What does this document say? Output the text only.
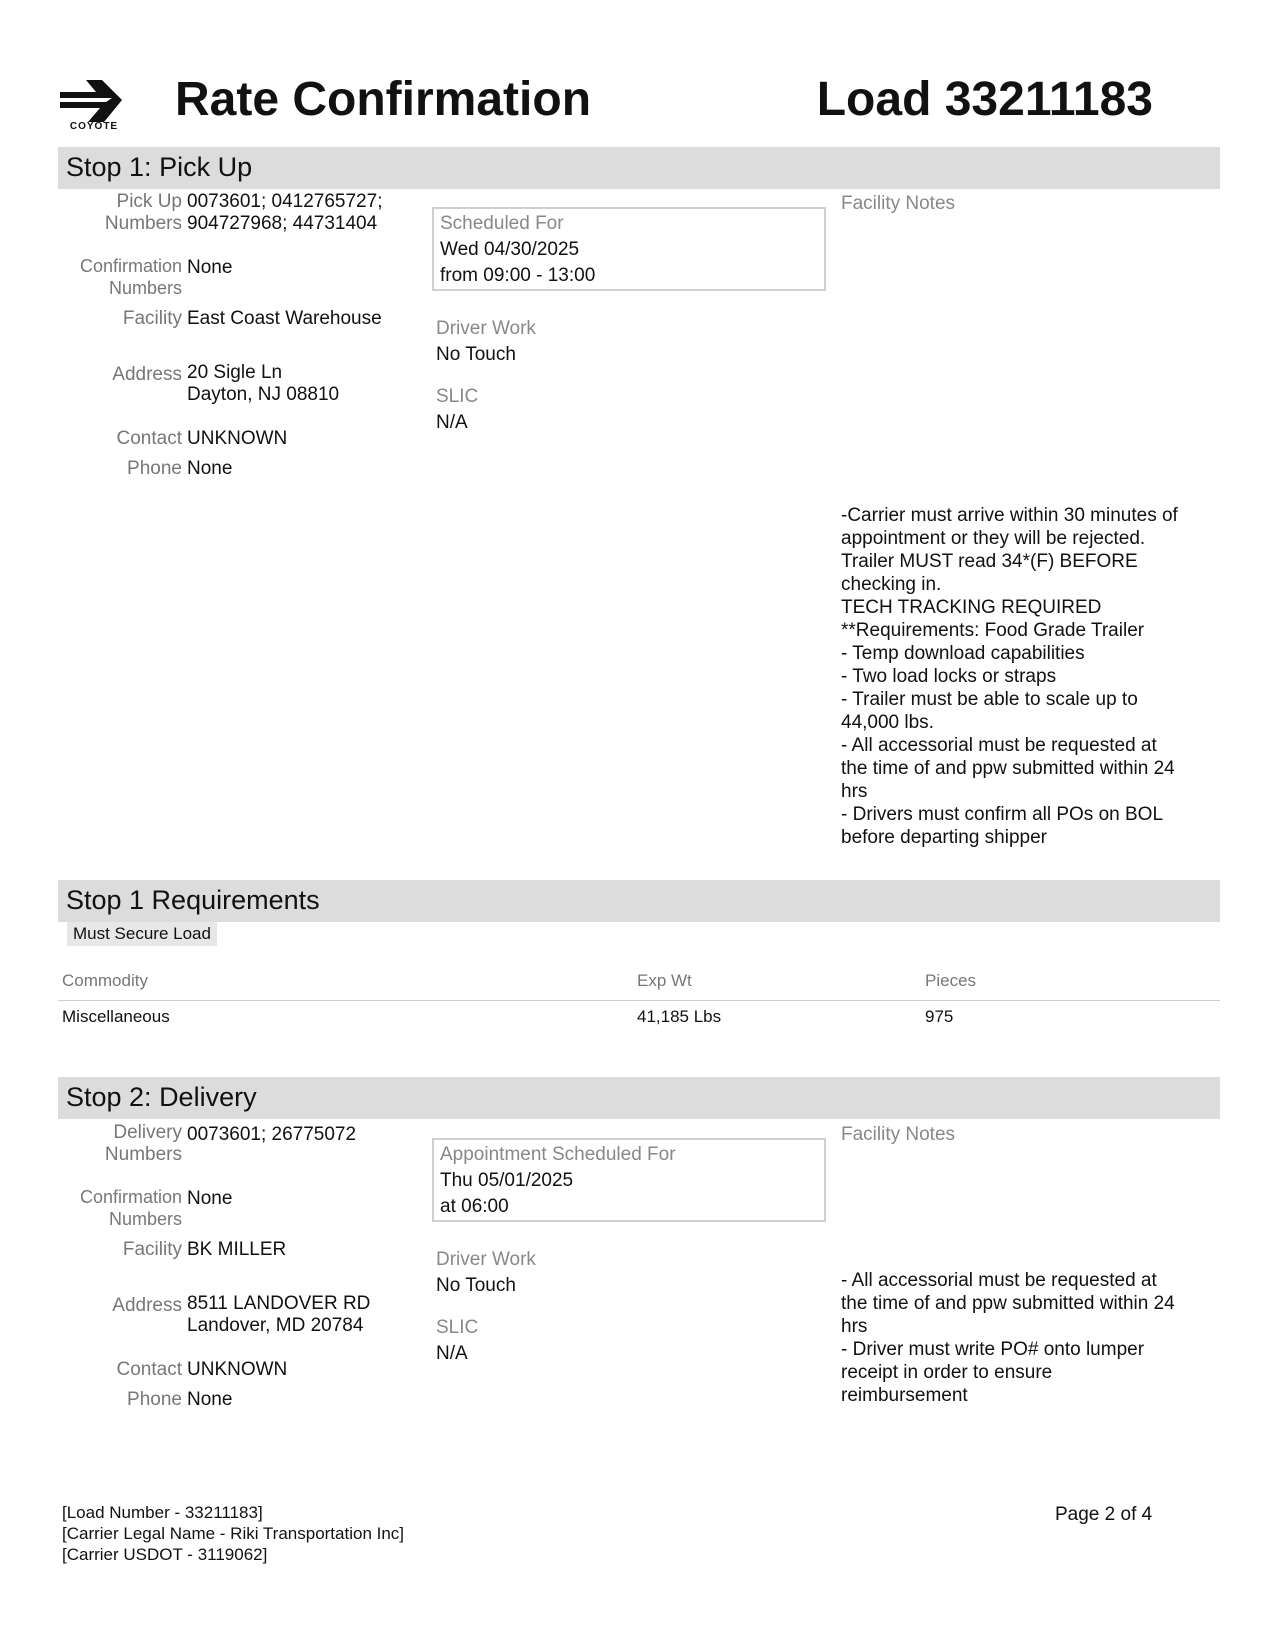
COYOTE
Rate Confirmation	Load 33211183
Stop 1: Pick Up
Pick Up
Numbers
0073601; 0412765727;
904727968; 44731404
Confirmation
Numbers
None
Facility East Coast Warehouse
Address 20 Sigle Ln
Dayton, NJ 08810
Contact UNKNOWN
Phone None
Scheduled For
Wed 04/30/2025
from 09:00 - 13:00
Driver Work
No Touch
SLIC
N/A
Facility Notes
-Carrier must arrive within 30 minutes of
appointment or they will be rejected.
Trailer MUST read 34*(F) BEFORE
checking in.
TECH TRACKING REQUIRED
**Requirements: Food Grade Trailer
- Temp download capabilities
- Two load locks or straps
- Trailer must be able to scale up to
44,000 lbs.
- All accessorial must be requested at
the time of and ppw submitted within 24
hrs
- Drivers must confirm all POs on BOL
before departing shipper
Stop 1 Requirements
Must Secure Load
Commodity	Exp Wt	Pieces
Miscellaneous	41,185 Lbs	975
Stop 2: Delivery
Delivery
Numbers
0073601; 26775072
Confirmation
Numbers
None
Facility BK MILLER
Address 8511 LANDOVER RD
Landover, MD 20784
Contact UNKNOWN
Phone None
Appointment Scheduled For
Thu 05/01/2025
at 06:00
Driver Work
No Touch
SLIC
N/A
Facility Notes
- All accessorial must be requested at
the time of and ppw submitted within 24
hrs
- Driver must write PO# onto lumper
receipt in order to ensure
reimbursement
[Load Number - 33211183]
[Carrier Legal Name - Riki Transportation Inc]
[Carrier USDOT - 3119062]
Page 2 of 4
